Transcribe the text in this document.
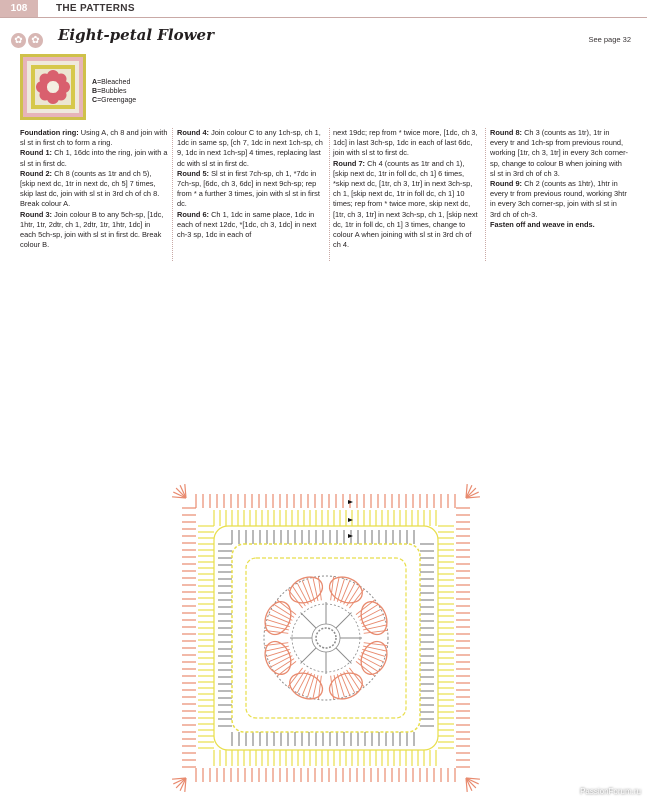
108	THE PATTERNS
✿ ✿	Eight-petal Flower	See page 32
A=Bleached
B=Bubbles
C=Greengage

Foundation ring: Using A, ch 8 and join with sl st in first ch to form a ring.

Round 1: Ch 1, 16dc into the ring, join with a sl st in first dc.

Round 2: Ch 8 (counts as 1tr and ch 5), [skip next dc, 1tr in next dc, ch 5] 7 times, skip last dc, join with sl st in 3rd ch of ch 8. Break colour A.

Round 3: Join colour B to any 5ch-sp, [1dc, 1htr, 1tr, 2dtr, ch 1, 2dtr, 1tr, 1htr, 1dc] in each 5ch-sp, join with sl st in first dc. Break colour B.

Round 4: Join colour C to any 1ch-sp, ch 1, 1dc in same sp, [ch 7, 1dc in next 1ch-sp, ch 9, 1dc in next 1ch-sp] 4 times, replacing last dc with sl st in first dc.

Round 5: Sl st in first 7ch-sp, ch 1, *7dc in 7ch-sp, [6dc, ch 3, 6dc] in next 9ch-sp; rep from * a further 3 times, join with sl st in first dc.

Round 6: Ch 1, 1dc in same place, 1dc in each of next 12dc, *[1dc, ch 3, 1dc] in next ch-3 sp, 1dc in each of

next 19dc; rep from * twice more, [1dc, ch 3, 1dc] in last 3ch-sp, 1dc in each of last 6dc, join with sl st to first dc.

Round 7: Ch 4 (counts as 1tr and ch 1), [skip next dc, 1tr in foll dc, ch 1] 6 times, *skip next dc, [1tr, ch 3, 1tr] in next 3ch-sp, ch 1, [skip next dc, 1tr in foll dc, ch 1] 10 times; rep from * twice more, skip next dc, [1tr, ch 3, 1tr] in next 3ch-sp, ch 1, [skip next dc, 1tr in foll dc, ch 1] 3 times, change to colour A when joining with sl st in 3rd ch of ch 4.

Round 8: Ch 3 (counts as 1tr), 1tr in every tr and 1ch-sp from previous round, working [1tr, ch 3, 1tr] in every 3ch corner-sp, change to colour B when joining with sl st in 3rd ch of ch 3.

Round 9: Ch 2 (counts as 1htr), 1htr in every tr from previous round, working 3htr in every 3ch corner-sp, join with sl st in 3rd ch of ch-3.

Fasten off and weave in ends.

PassionForum.ru
